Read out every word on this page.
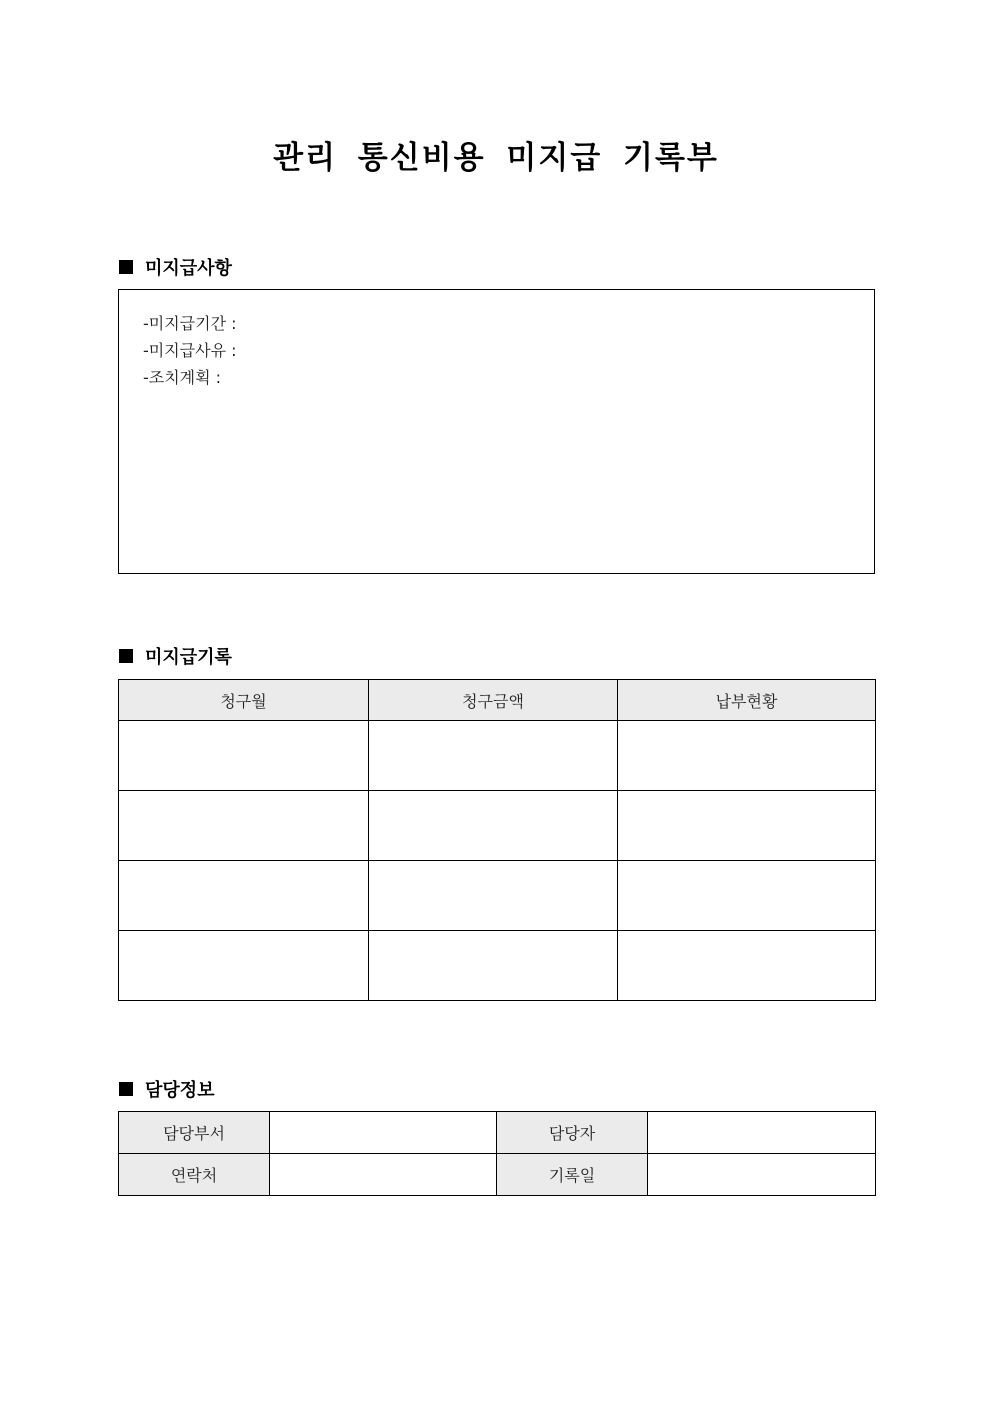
관리 통신비용 미지급 기록부
미지급사항
-미지급기간 :
-미지급사유 :
-조치계획 :
미지급기록
청구월	청구금액	납부현황

담당정보
담당부서		담당자	
연락처		기록일	
